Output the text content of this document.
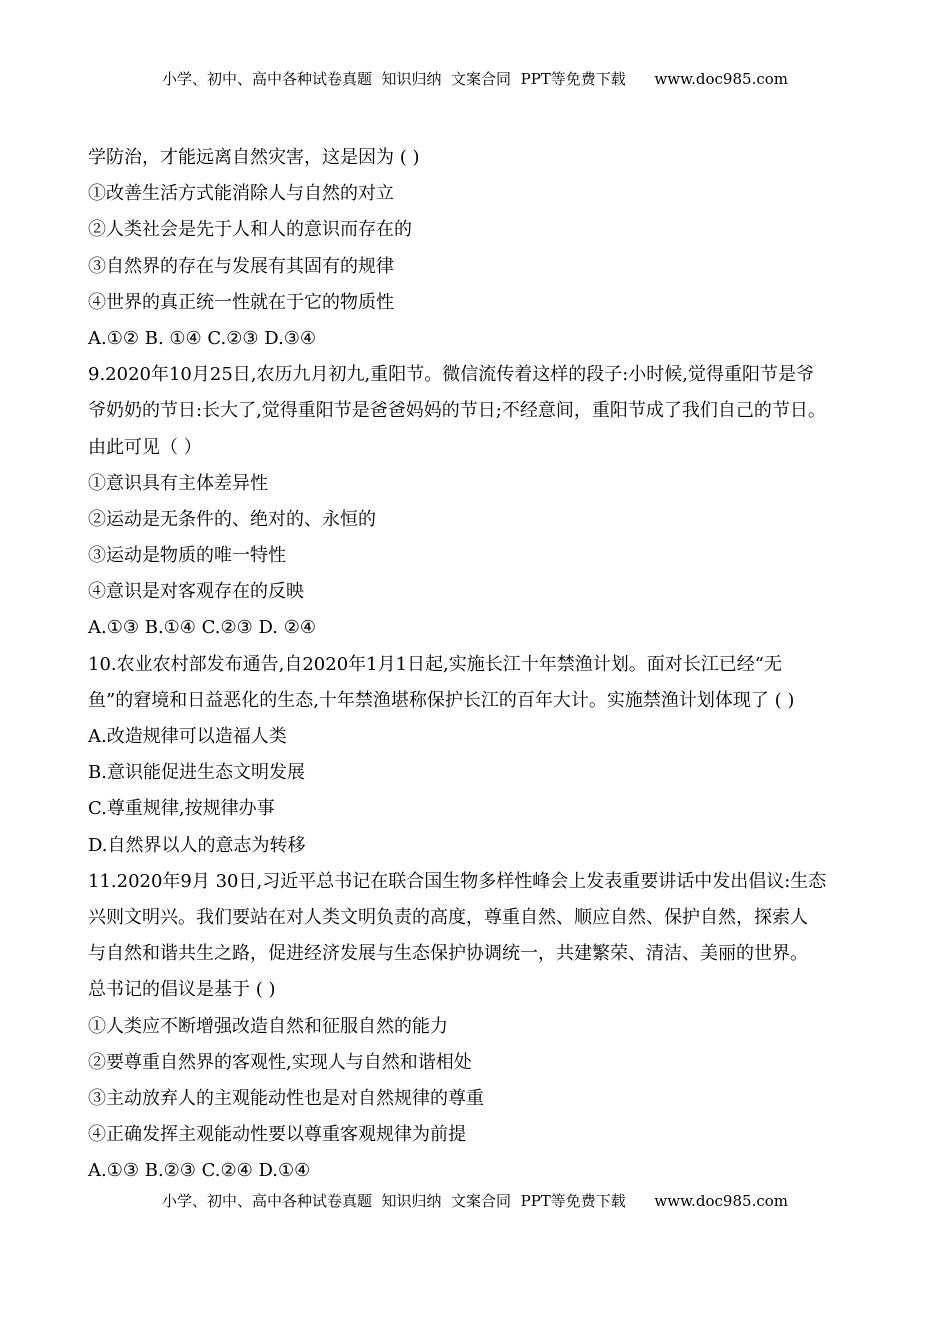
小学、初中、高中各种试卷真题  知识归纳  文案合同  PPT等免费下载      www.doc985.com
学防治，才能远离自然灾害，这是因为 ( )
①改善生活方式能消除人与自然的对立
②人类社会是先于人和人的意识而存在的
③自然界的存在与发展有其固有的规律
④世界的真正统一性就在于它的物质性
A.①② B. ①④ C.②③ D.③④
9.2020年10月25日,农历九月初九,重阳节。微信流传着这样的段子:小时候,觉得重阳节是爷
爷奶奶的节日:长大了,觉得重阳节是爸爸妈妈的节日;不经意间，重阳节成了我们自己的节日。
由此可见（ ）
①意识具有主体差异性
②运动是无条件的、绝对的、永恒的
③运动是物质的唯一特性
④意识是对客观存在的反映
A.①③ B.①④ C.②③ D. ②④
10.农业农村部发布通告,自2020年1月1日起,实施长江十年禁渔计划。面对长江已经“无
鱼”的窘境和日益恶化的生态,十年禁渔堪称保护长江的百年大计。实施禁渔计划体现了 ( )
A.改造规律可以造福人类
B.意识能促进生态文明发展
C.尊重规律,按规律办事
D.自然界以人的意志为转移
11.2020年9月 30日,习近平总书记在联合国生物多样性峰会上发表重要讲话中发出倡议:生态
兴则文明兴。我们要站在对人类文明负责的高度，尊重自然、顺应自然、保护自然，探索人
与自然和谐共生之路，促进经济发展与生态保护协调统一，共建繁荣、清洁、美丽的世界。
总书记的倡议是基于 ( )
①人类应不断增强改造自然和征服自然的能力
②要尊重自然界的客观性,实现人与自然和谐相处
③主动放弃人的主观能动性也是对自然规律的尊重
④正确发挥主观能动性要以尊重客观规律为前提
A.①③ B.②③ C.②④ D.①④
小学、初中、高中各种试卷真题  知识归纳  文案合同  PPT等免费下载      www.doc985.com
